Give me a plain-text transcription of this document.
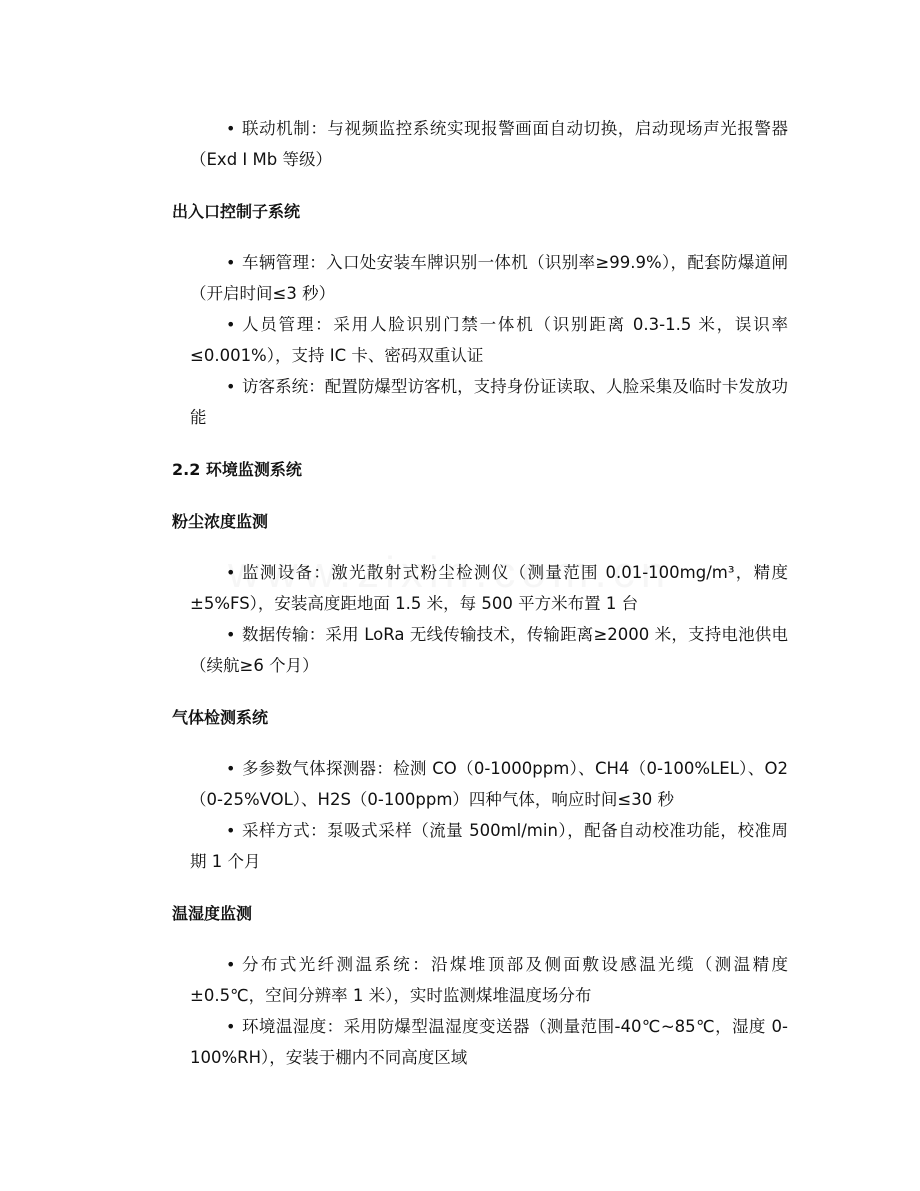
• 联动机制：与视频监控系统实现报警画面自动切换，启动现场声光报警器（Exd I Mb 等级）

出入口控制子系统

• 车辆管理：入口处安装车牌识别一体机（识别率≥99.9%），配套防爆道闸（开启时间≤3 秒）
• 人员管理：采用人脸识别门禁一体机（识别距离 0.3-1.5 米，误识率≤0.001%），支持 IC 卡、密码双重认证
• 访客系统：配置防爆型访客机，支持身份证读取、人脸采集及临时卡发放功能

2.2 环境监测系统

粉尘浓度监测

• 监测设备：激光散射式粉尘检测仪（测量范围 0.01-100mg/m³，精度±5%FS），安装高度距地面 1.5 米，每 500 平方米布置 1 台
• 数据传输：采用 LoRa 无线传输技术，传输距离≥2000 米，支持电池供电（续航≥6 个月）

气体检测系统

• 多参数气体探测器：检测 CO（0-1000ppm）、CH4（0-100%LEL）、O2（0-25%VOL）、H2S（0-100ppm）四种气体，响应时间≤30 秒
• 采样方式：泵吸式采样（流量 500ml/min），配备自动校准功能，校准周期 1 个月

温湿度监测

• 分布式光纤测温系统：沿煤堆顶部及侧面敷设感温光缆（测温精度±0.5℃，空间分辨率 1 米），实时监测煤堆温度场分布
• 环境温湿度：采用防爆型温湿度变送器（测量范围-40℃~85℃，湿度 0-100%RH），安装于棚内不同高度区域
